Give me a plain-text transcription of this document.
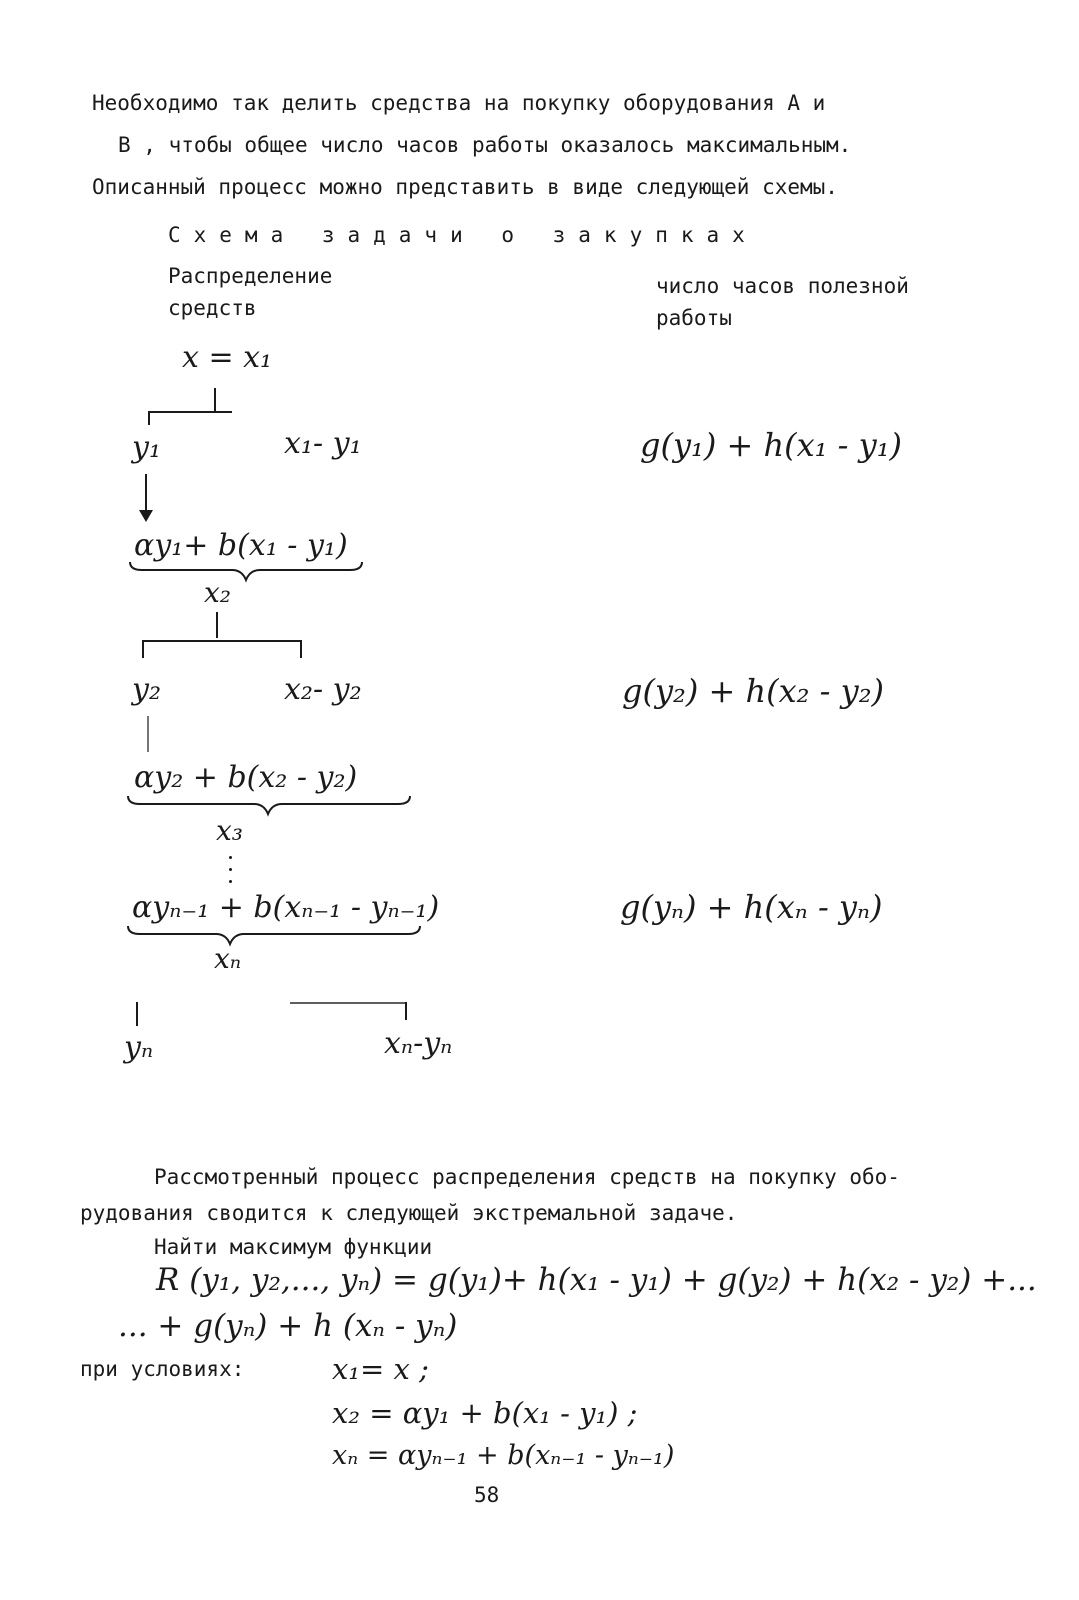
Необходимо так делить средства на покупку оборудования A и
B , чтобы общее число часов работы оказалось максимальным.
Описанный процесс можно представить в виде следующей схемы.
Схема задачи о закупках
Распределение
средств
число часов полезной
работы
x = x₁
y₁	x₁- y₁	g(y₁) + h(x₁ - y₁)
αy₁+ b(x₁ - y₁)
x₂
y₂	x₂- y₂	g(y₂) + h(x₂ - y₂)
αy₂ + b(x₂ - y₂)
x₃
αyₙ₋₁ + b(xₙ₋₁ - yₙ₋₁)	g(yₙ) + h(xₙ - yₙ)
xₙ
yₙ	xₙ-yₙ
Рассмотренный процесс распределения средств на покупку обо-
рудования сводится к следующей экстремальной задаче.
Найти максимум функции
R (y₁, y₂,..., yₙ) = g(y₁)+ h(x₁ - y₁) + g(y₂) + h(x₂ - y₂) +...
... + g(yₙ) + h (xₙ - yₙ)
при условиях:	x₁= x ;
x₂ = αy₁ + b(x₁ - y₁) ;
xₙ = αyₙ₋₁ + b(xₙ₋₁ - yₙ₋₁)
58
